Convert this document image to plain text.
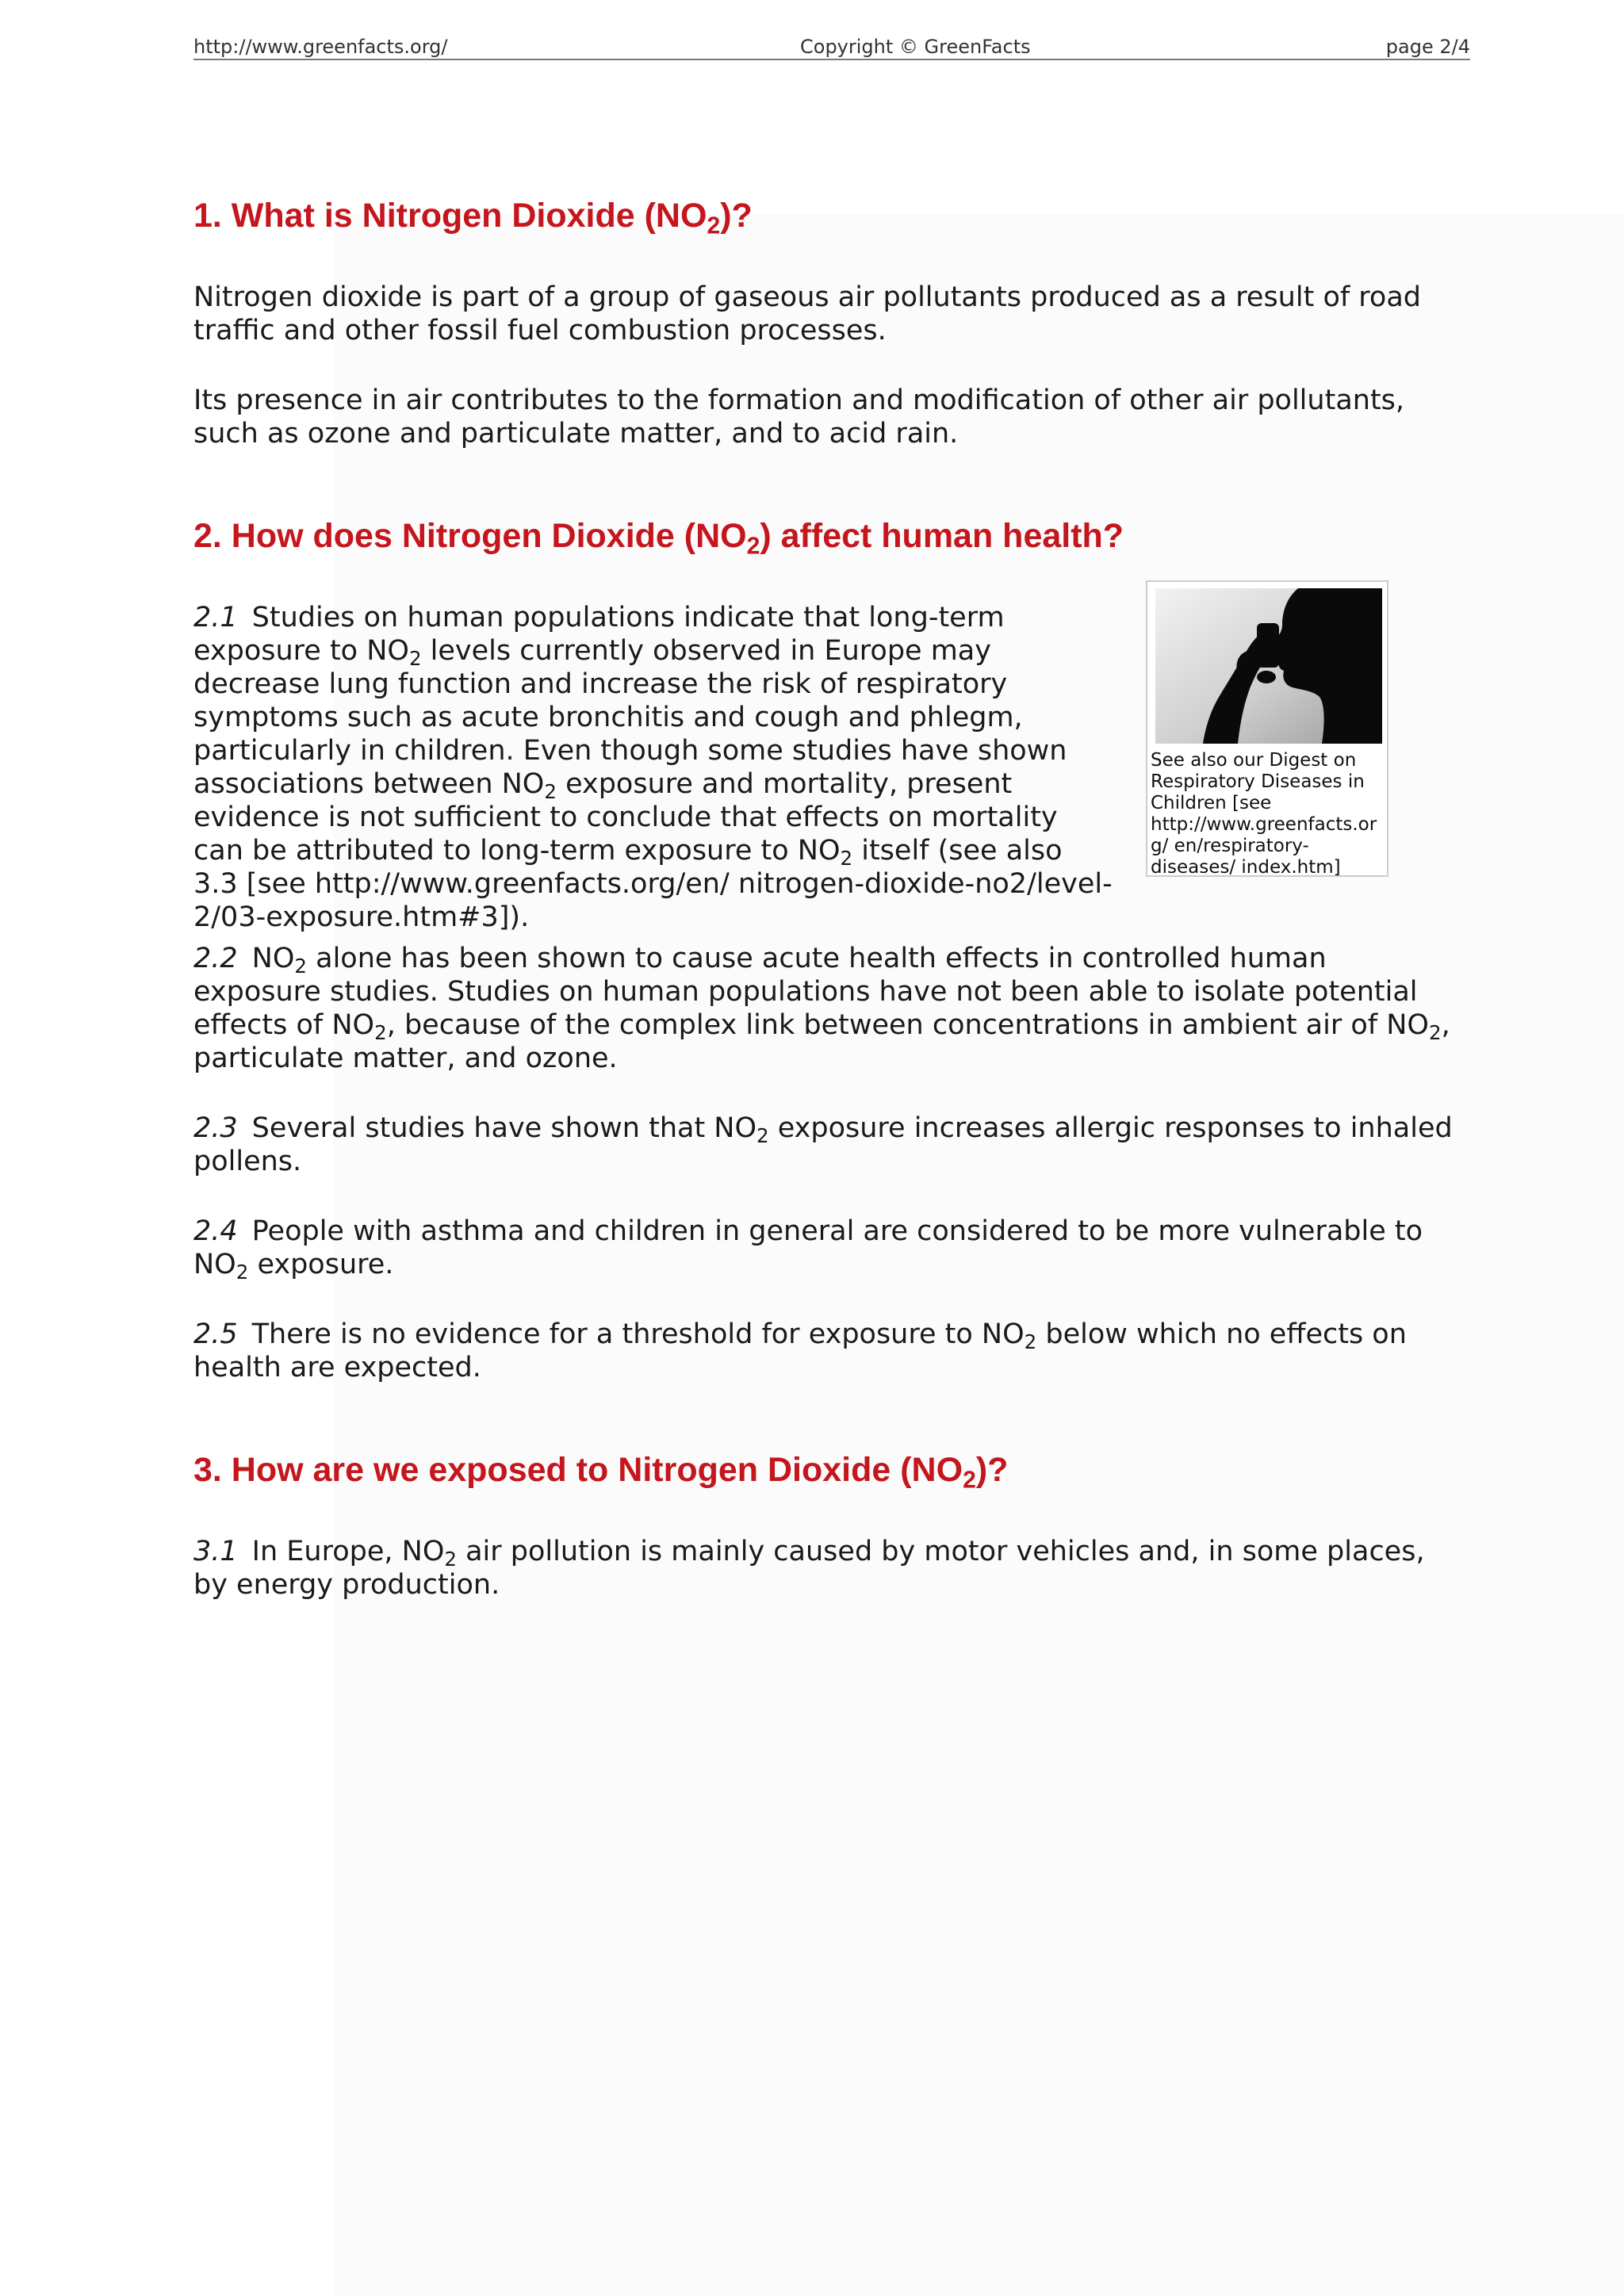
http://www.greenfacts.org/	Copyright © GreenFacts	page 2/4
1. What is Nitrogen Dioxide $(NO_2)$?

Nitrogen dioxide is part of a group of gaseous air pollutants produced as a result of road traffic and other fossil fuel combustion processes.

Its presence in air contributes to the formation and modification of other air pollutants, such as ozone and particulate matter, and to acid rain.

2. How does Nitrogen Dioxide $(NO_2)$ affect human health?

2.1 Studies on human populations indicate that long-term exposure to $NO_2$ levels currently observed in Europe may decrease lung function and increase the risk of respiratory symptoms such as acute bronchitis and cough and phlegm, particularly in children. Even though some studies have shown associations between $NO_2$ exposure and mortality, present evidence is not sufficient to conclude that effects on mortality can be attributed to long-term exposure to $NO_2$ itself (see also 3.3 [see http://www.greenfacts.org/en/ nitrogen-dioxide-no2/level-2/03-exposure.htm#3]).

See also our Digest on Respiratory Diseases in Children [see http://www.greenfacts.org/ en/respiratory-diseases/ index.htm]

2.2 $NO_2$ alone has been shown to cause acute health effects in controlled human exposure studies. Studies on human populations have not been able to isolate potential effects of $NO_2$, because of the complex link between concentrations in ambient air of $NO_2$, particulate matter, and ozone.

2.3 Several studies have shown that $NO_2$ exposure increases allergic responses to inhaled pollens.

2.4 People with asthma and children in general are considered to be more vulnerable to $NO_2$ exposure.

2.5 There is no evidence for a threshold for exposure to $NO_2$ below which no effects on health are expected.

3. How are we exposed to Nitrogen Dioxide $(NO_2)$?

3.1 In Europe, $NO_2$ air pollution is mainly caused by motor vehicles and, in some places, by energy production.
